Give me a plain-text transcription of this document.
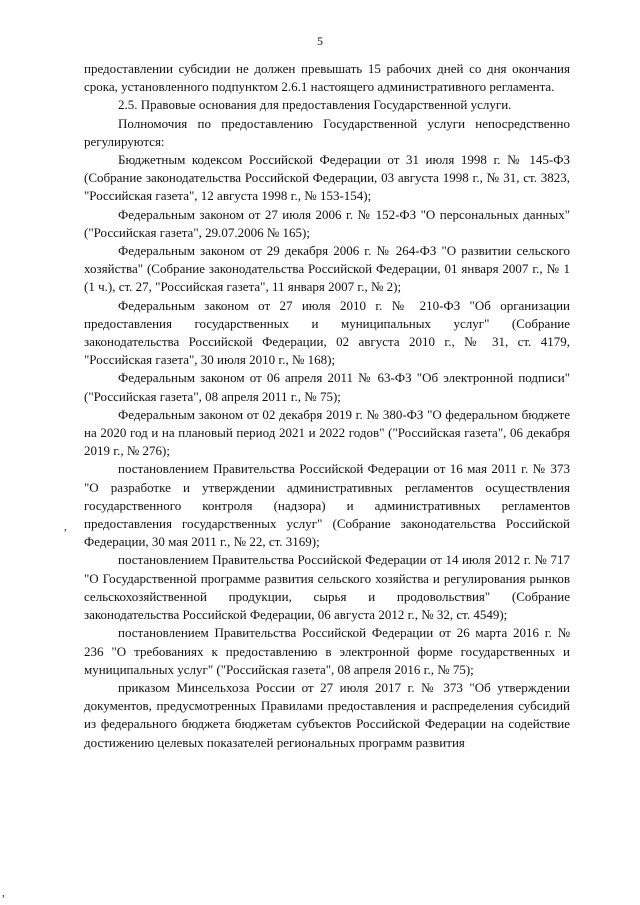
5
,
,

предоставлении субсидии не должен превышать 15 рабочих дней со дня окончания срока, установленного подпунктом 2.6.1 настоящего административного регламента.

2.5. Правовые основания для предоставления Государственной услуги.

Полномочия по предоставлению Государственной услуги непосредственно регулируются:

Бюджетным кодексом Российской Федерации от 31 июля 1998 г. № 145-ФЗ (Собрание законодательства Российской Федерации, 03 августа 1998 г., № 31, ст. 3823, "Российская газета", 12 августа 1998 г., № 153-154);

Федеральным законом от 27 июля 2006 г. № 152-ФЗ "О персональных данных" ("Российская газета", 29.07.2006 № 165);

Федеральным законом от 29 декабря 2006 г. № 264-ФЗ "О развитии сельского хозяйства" (Собрание законодательства Российской Федерации, 01 января 2007 г., № 1 (1 ч.), ст. 27, "Российская газета", 11 января 2007 г., № 2);

Федеральным законом от 27 июля 2010 г. № 210-ФЗ "Об организации предоставления государственных и муниципальных услуг" (Собрание законодательства Российской Федерации, 02 августа 2010 г., № 31, ст. 4179, "Российская газета", 30 июля 2010 г., № 168);

Федеральным законом от 06 апреля 2011 № 63-ФЗ "Об электронной подписи" ("Российская газета", 08 апреля 2011 г., № 75);

Федеральным законом от 02 декабря 2019 г. № 380-ФЗ "О федеральном бюджете на 2020 год и на плановый период 2021 и 2022 годов" ("Российская газета", 06 декабря 2019 г., № 276);

постановлением Правительства Российской Федерации от 16 мая 2011 г. № 373 "О разработке и утверждении административных регламентов осуществления государственного контроля (надзора) и административных регламентов предоставления государственных услуг" (Собрание законодательства Российской Федерации, 30 мая 2011 г., № 22, ст. 3169);

постановлением Правительства Российской Федерации от 14 июля 2012 г. № 717 "О Государственной программе развития сельского хозяйства и регулирования рынков сельскохозяйственной продукции, сырья и продовольствия" (Собрание законодательства Российской Федерации, 06 августа 2012 г., № 32, ст. 4549);

постановлением Правительства Российской Федерации от 26 марта 2016 г. № 236 "О требованиях к предоставлению в электронной форме государственных и муниципальных услуг" ("Российская газета", 08 апреля 2016 г., № 75);

приказом Минсельхоза России от 27 июля 2017 г. № 373 "Об утверждении документов, предусмотренных Правилами предоставления и распределения субсидий из федерального бюджета бюджетам субъектов Российской Федерации на содействие достижению целевых показателей региональных программ развития
